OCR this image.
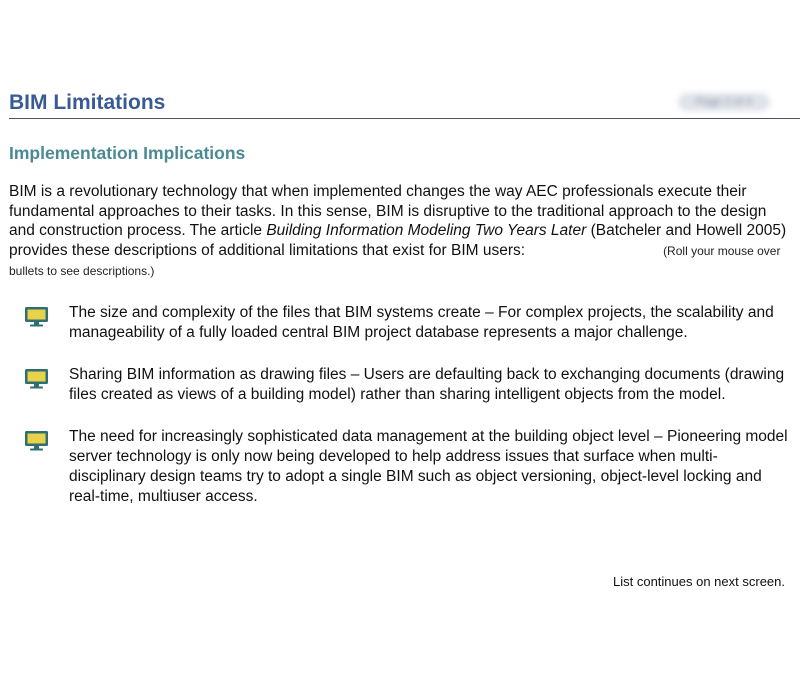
BIM Limitations	Page 2 of 4
Implementation Implications

BIM is a revolutionary technology that when implemented changes the way AEC professionals execute their fundamental approaches to their tasks. In this sense, BIM is disruptive to the traditional approach to the design and construction process. The article Building Information Modeling Two Years Later (Batcheler and Howell 2005) provides these descriptions of additional limitations that exist for BIM users:	(Roll your mouse over bullets to see descriptions.)

The size and complexity of the files that BIM systems create – For complex projects, the scalability and manageability of a fully loaded central BIM project database represents a major challenge.
Sharing BIM information as drawing files – Users are defaulting back to exchanging documents (drawing files created as views of a building model) rather than sharing intelligent objects from the model.
The need for increasingly sophisticated data management at the building object level – Pioneering model server technology is only now being developed to help address issues that surface when multi-disciplinary design teams try to adopt a single BIM such as object versioning, object-level locking and real-time, multiuser access.

List continues on next screen.
